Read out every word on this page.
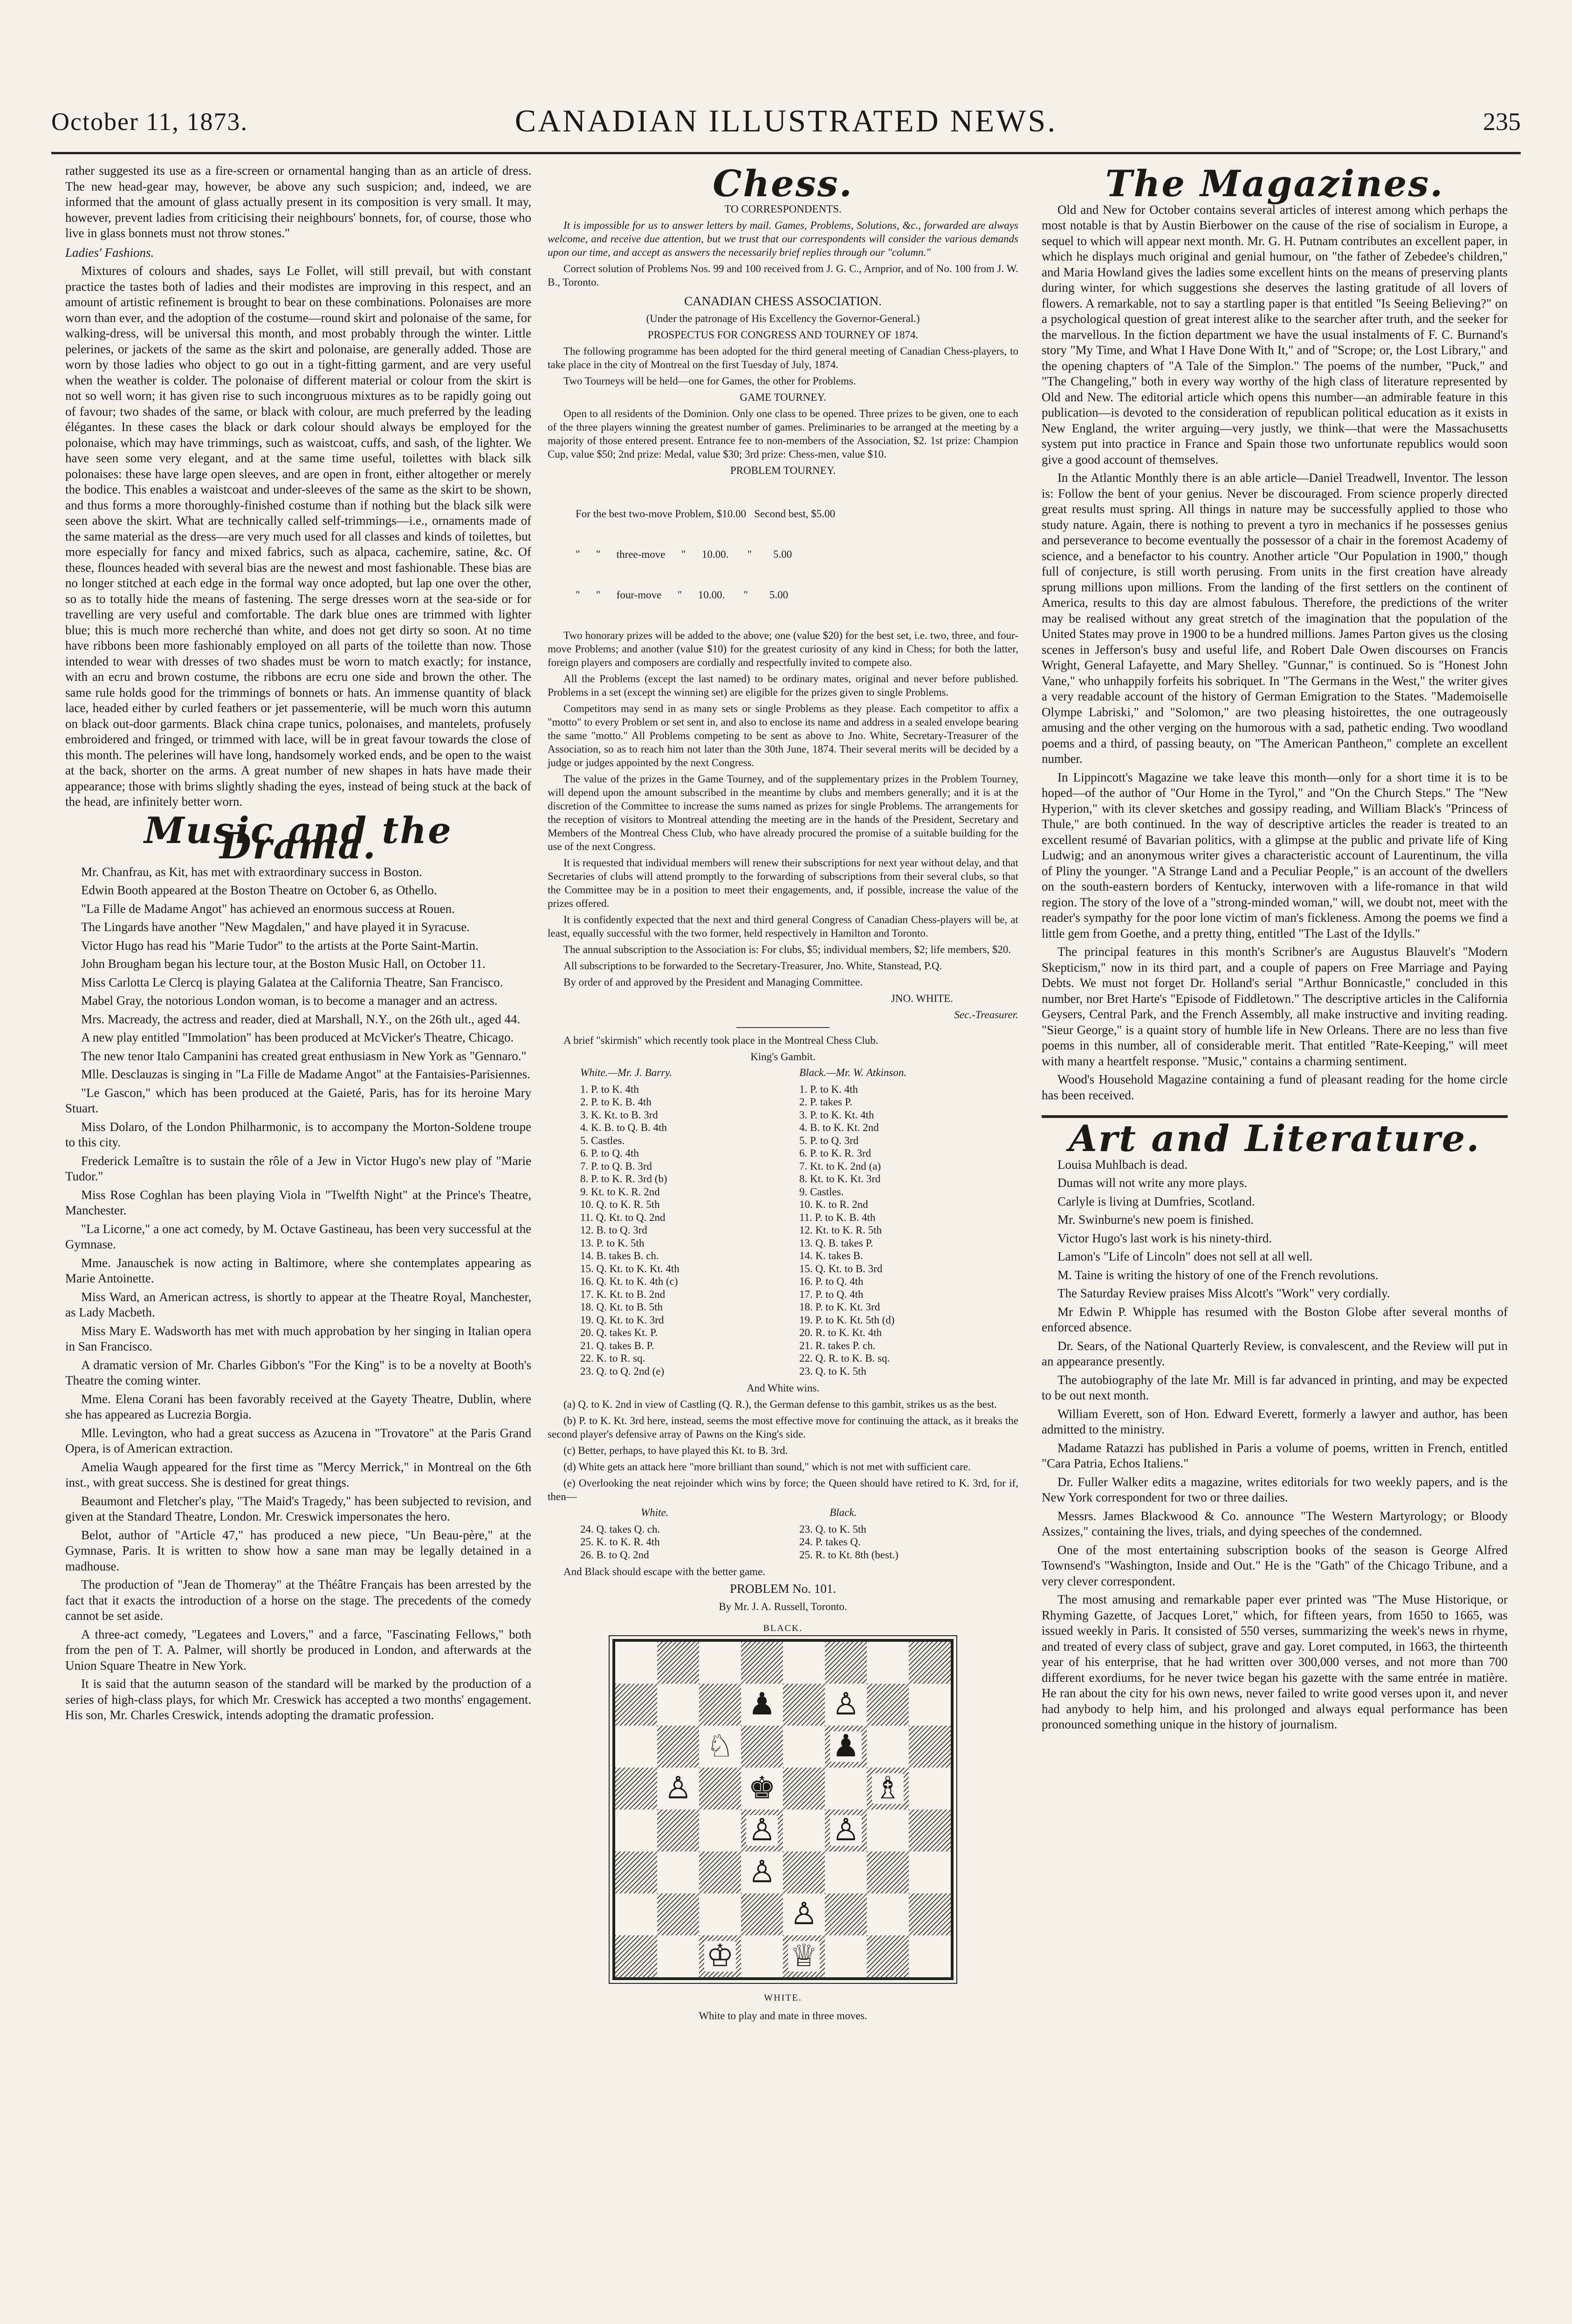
October 11, 1873.	CANADIAN ILLUSTRATED NEWS.	235

rather suggested its use as a fire-screen or ornamental hanging than as an article of dress. The new head-gear may, however, be above any such suspicion; and, indeed, we are informed that the amount of glass actually present in its composition is very small. It may, however, prevent ladies from criticising their neighbours' bonnets, for, of course, those who live in glass bonnets must not throw stones."

Ladies' Fashions.

Mixtures of colours and shades, says Le Follet, will still prevail, but with constant practice the tastes both of ladies and their modistes are improving in this respect, and an amount of artistic refinement is brought to bear on these combinations. Polonaises are more worn than ever, and the adoption of the costume—round skirt and polonaise of the same, for walking-dress, will be universal this month, and most probably through the winter. Little pelerines, or jackets of the same as the skirt and polonaise, are generally added. Those are worn by those ladies who object to go out in a tight-fitting garment, and are very useful when the weather is colder. The polonaise of different material or colour from the skirt is not so well worn; it has given rise to such incongruous mixtures as to be rapidly going out of favour; two shades of the same, or black with colour, are much preferred by the leading élégantes. In these cases the black or dark colour should always be employed for the polonaise, which may have trimmings, such as waistcoat, cuffs, and sash, of the lighter. We have seen some very elegant, and at the same time useful, toilettes with black silk polonaises: these have large open sleeves, and are open in front, either altogether or merely the bodice. This enables a waistcoat and under-sleeves of the same as the skirt to be shown, and thus forms a more thoroughly-finished costume than if nothing but the black silk were seen above the skirt. What are technically called self-trimmings—i.e., ornaments made of the same material as the dress—are very much used for all classes and kinds of toilettes, but more especially for fancy and mixed fabrics, such as alpaca, cachemire, satine, &c. Of these, flounces headed with several bias are the newest and most fashionable. These bias are no longer stitched at each edge in the formal way once adopted, but lap one over the other, so as to totally hide the means of fastening. The serge dresses worn at the sea-side or for travelling are very useful and comfortable. The dark blue ones are trimmed with lighter blue; this is much more recherché than white, and does not get dirty so soon. At no time have ribbons been more fashionably employed on all parts of the toilette than now. Those intended to wear with dresses of two shades must be worn to match exactly; for instance, with an ecru and brown costume, the ribbons are ecru one side and brown the other. The same rule holds good for the trimmings of bonnets or hats. An immense quantity of black lace, headed either by curled feathers or jet passementerie, will be much worn this autumn on black out-door garments. Black china crape tunics, polonaises, and mantelets, profusely embroidered and fringed, or trimmed with lace, will be in great favour towards the close of this month. The pelerines will have long, handsomely worked ends, and be open to the waist at the back, shorter on the arms. A great number of new shapes in hats have made their appearance; those with brims slightly shading the eyes, instead of being stuck at the back of the head, are infinitely better worn.

Music and the Drama.

Mr. Chanfrau, as Kit, has met with extraordinary success in Boston.

Edwin Booth appeared at the Boston Theatre on October 6, as Othello.

"La Fille de Madame Angot" has achieved an enormous success at Rouen.

The Lingards have another "New Magdalen," and have played it in Syracuse.

Victor Hugo has read his "Marie Tudor" to the artists at the Porte Saint-Martin.

John Brougham began his lecture tour, at the Boston Music Hall, on October 11.

Miss Carlotta Le Clercq is playing Galatea at the California Theatre, San Francisco.

Mabel Gray, the notorious London woman, is to become a manager and an actress.

Mrs. Macready, the actress and reader, died at Marshall, N.Y., on the 26th ult., aged 44.

A new play entitled "Immolation" has been produced at McVicker's Theatre, Chicago.

The new tenor Italo Campanini has created great enthusiasm in New York as "Gennaro."

Mlle. Desclauzas is singing in "La Fille de Madame Angot" at the Fantaisies-Parisiennes.

"Le Gascon," which has been produced at the Gaieté, Paris, has for its heroine Mary Stuart.

Miss Dolaro, of the London Philharmonic, is to accompany the Morton-Soldene troupe to this city.

Frederick Lemaître is to sustain the rôle of a Jew in Victor Hugo's new play of "Marie Tudor."

Miss Rose Coghlan has been playing Viola in "Twelfth Night" at the Prince's Theatre, Manchester.

"La Licorne," a one act comedy, by M. Octave Gastineau, has been very successful at the Gymnase.

Mme. Janauschek is now acting in Baltimore, where she contemplates appearing as Marie Antoinette.

Miss Ward, an American actress, is shortly to appear at the Theatre Royal, Manchester, as Lady Macbeth.

Miss Mary E. Wadsworth has met with much approbation by her singing in Italian opera in San Francisco.

A dramatic version of Mr. Charles Gibbon's "For the King" is to be a novelty at Booth's Theatre the coming winter.

Mme. Elena Corani has been favorably received at the Gayety Theatre, Dublin, where she has appeared as Lucrezia Borgia.

Mlle. Levington, who had a great success as Azucena in "Trovatore" at the Paris Grand Opera, is of American extraction.

Amelia Waugh appeared for the first time as "Mercy Merrick," in Montreal on the 6th inst., with great success. She is destined for great things.

Beaumont and Fletcher's play, "The Maid's Tragedy," has been subjected to revision, and given at the Standard Theatre, London. Mr. Creswick impersonates the hero.

Belot, author of "Article 47," has produced a new piece, "Un Beau-père," at the Gymnase, Paris. It is written to show how a sane man may be legally detained in a madhouse.

The production of "Jean de Thomeray" at the Théâtre Français has been arrested by the fact that it exacts the introduction of a horse on the stage. The precedents of the comedy cannot be set aside.

A three-act comedy, "Legatees and Lovers," and a farce, "Fascinating Fellows," both from the pen of T. A. Palmer, will shortly be produced in London, and afterwards at the Union Square Theatre in New York.

It is said that the autumn season of the standard will be marked by the production of a series of high-class plays, for which Mr. Creswick has accepted a two months' engagement. His son, Mr. Charles Creswick, intends adopting the dramatic profession.

Chess.

TO CORRESPONDENTS.

It is impossible for us to answer letters by mail. Games, Problems, Solutions, &c., forwarded are always welcome, and receive due attention, but we trust that our correspondents will consider the various demands upon our time, and accept as answers the necessarily brief replies through our "column."

Correct solution of Problems Nos. 99 and 100 received from J. G. C., Arnprior, and of No. 100 from J. W. B., Toronto.

CANADIAN CHESS ASSOCIATION.

(Under the patronage of His Excellency the Governor-General.)

PROSPECTUS FOR CONGRESS AND TOURNEY OF 1874.

The following programme has been adopted for the third general meeting of Canadian Chess-players, to take place in the city of Montreal on the first Tuesday of July, 1874.

Two Tourneys will be held—one for Games, the other for Problems.

GAME TOURNEY.

Open to all residents of the Dominion. Only one class to be opened. Three prizes to be given, one to each of the three players winning the greatest number of games. Preliminaries to be arranged at the meeting by a majority of those entered present. Entrance fee to non-members of the Association, $2. 1st prize: Champion Cup, value $50; 2nd prize: Medal, value $30; 3rd prize: Chess-men, value $10.

PROBLEM TOURNEY.

For the best two-move Problem, $10.00   Second best, $5.00

"      "      three-move      "      10.00.       "        5.00

"      "      four-move      "      10.00.       "        5.00

Two honorary prizes will be added to the above; one (value $20) for the best set, i.e. two, three, and four-move Problems; and another (value $10) for the greatest curiosity of any kind in Chess; for both the latter, foreign players and composers are cordially and respectfully invited to compete also.

All the Problems (except the last named) to be ordinary mates, original and never before published. Problems in a set (except the winning set) are eligible for the prizes given to single Problems.

Competitors may send in as many sets or single Problems as they please. Each competitor to affix a "motto" to every Problem or set sent in, and also to enclose its name and address in a sealed envelope bearing the same "motto." All Problems competing to be sent as above to Jno. White, Secretary-Treasurer of the Association, so as to reach him not later than the 30th June, 1874. Their several merits will be decided by a judge or judges appointed by the next Congress.

The value of the prizes in the Game Tourney, and of the supplementary prizes in the Problem Tourney, will depend upon the amount subscribed in the meantime by clubs and members generally; and it is at the discretion of the Committee to increase the sums named as prizes for single Problems. The arrangements for the reception of visitors to Montreal attending the meeting are in the hands of the President, Secretary and Members of the Montreal Chess Club, who have already procured the promise of a suitable building for the use of the next Congress.

It is requested that individual members will renew their subscriptions for next year without delay, and that Secretaries of clubs will attend promptly to the forwarding of subscriptions from their several clubs, so that the Committee may be in a position to meet their engagements, and, if possible, increase the value of the prizes offered.

It is confidently expected that the next and third general Congress of Canadian Chess-players will be, at least, equally successful with the two former, held respectively in Hamilton and Toronto.

The annual subscription to the Association is: For clubs, $5; individual members, $2; life members, $20.

All subscriptions to be forwarded to the Secretary-Treasurer, Jno. White, Stanstead, P.Q.

By order of and approved by the President and Managing Committee.

JNO. WHITE.

Sec.-Treasurer.

A brief "skirmish" which recently took place in the Montreal Chess Club.

King's Gambit.

White.—Mr. J. Barry.	Black.—Mr. W. Atkinson.
1. P. to K. 4th	1. P. to K. 4th
2. P. to K. B. 4th	2. P. takes P.
3. K. Kt. to B. 3rd	3. P. to K. Kt. 4th
4. K. B. to Q. B. 4th	4. B. to K. Kt. 2nd
5. Castles.	5. P. to Q. 3rd
6. P. to Q. 4th	6. P. to K. R. 3rd
7. P. to Q. B. 3rd	7. Kt. to K. 2nd (a)
8. P. to K. R. 3rd (b)	8. Kt. to K. Kt. 3rd
9. Kt. to K. R. 2nd	9. Castles.
10. Q. to K. R. 5th	10. K. to R. 2nd
11. Q. Kt. to Q. 2nd	11. P. to K. B. 4th
12. B. to Q. 3rd	12. Kt. to K. R. 5th
13. P. to K. 5th	13. Q. B. takes P.
14. B. takes B. ch.	14. K. takes B.
15. Q. Kt. to K. Kt. 4th	15. Q. Kt. to B. 3rd
16. Q. Kt. to K. 4th (c)	16. P. to Q. 4th
17. K. Kt. to B. 2nd	17. P. to Q. 4th
18. Q. Kt. to B. 5th	18. P. to K. Kt. 3rd
19. Q. Kt. to K. 3rd	19. P. to K. Kt. 5th (d)
20. Q. takes Kt. P.	20. R. to K. Kt. 4th
21. Q. takes B. P.	21. R. takes P. ch.
22. K. to R. sq.	22. Q. R. to K. B. sq.
23. Q. to Q. 2nd (e)	23. Q. to K. 5th

And White wins.

(a) Q. to K. 2nd in view of Castling (Q. R.), the German defense to this gambit, strikes us as the best.

(b) P. to K. Kt. 3rd here, instead, seems the most effective move for continuing the attack, as it breaks the second player's defensive array of Pawns on the King's side.

(c) Better, perhaps, to have played this Kt. to B. 3rd.

(d) White gets an attack here "more brilliant than sound," which is not met with sufficient care.

(e) Overlooking the neat rejoinder which wins by force; the Queen should have retired to K. 3rd, for if, then—

White.	Black.
24. Q. takes Q. ch.	23. Q. to K. 5th
25. K. to K. R. 4th	24. P. takes Q.
26. B. to Q. 2nd	25. R. to Kt. 8th (best.)

And Black should escape with the better game.

PROBLEM No. 101.

By Mr. J. A. Russell, Toronto.

BLACK.
♟ ♙
♘	♟
♙ ♚	♗
♙ ♙
♙
♙
♔ ♕
WHITE.

White to play and mate in three moves.

The Magazines.

Old and New for October contains several articles of interest among which perhaps the most notable is that by Austin Bierbower on the cause of the rise of socialism in Europe, a sequel to which will appear next month. Mr. G. H. Putnam contributes an excellent paper, in which he displays much original and genial humour, on "the father of Zebedee's children," and Maria Howland gives the ladies some excellent hints on the means of preserving plants during winter, for which suggestions she deserves the lasting gratitude of all lovers of flowers. A remarkable, not to say a startling paper is that entitled "Is Seeing Believing?" on a psychological question of great interest alike to the searcher after truth, and the seeker for the marvellous. In the fiction department we have the usual instalments of F. C. Burnand's story "My Time, and What I Have Done With It," and of "Scrope; or, the Lost Library," and the opening chapters of "A Tale of the Simplon." The poems of the number, "Puck," and "The Changeling," both in every way worthy of the high class of literature represented by Old and New. The editorial article which opens this number—an admirable feature in this publication—is devoted to the consideration of republican political education as it exists in New England, the writer arguing—very justly, we think—that were the Massachusetts system put into practice in France and Spain those two unfortunate republics would soon give a good account of themselves.

In the Atlantic Monthly there is an able article—Daniel Treadwell, Inventor. The lesson is: Follow the bent of your genius. Never be discouraged. From science properly directed great results must spring. All things in nature may be successfully applied to those who study nature. Again, there is nothing to prevent a tyro in mechanics if he possesses genius and perseverance to become eventually the possessor of a chair in the foremost Academy of science, and a benefactor to his country. Another article "Our Population in 1900," though full of conjecture, is still worth perusing. From units in the first creation have already sprung millions upon millions. From the landing of the first settlers on the continent of America, results to this day are almost fabulous. Therefore, the predictions of the writer may be realised without any great stretch of the imagination that the population of the United States may prove in 1900 to be a hundred millions. James Parton gives us the closing scenes in Jefferson's busy and useful life, and Robert Dale Owen discourses on Francis Wright, General Lafayette, and Mary Shelley. "Gunnar," is continued. So is "Honest John Vane," who unhappily forfeits his sobriquet. In "The Germans in the West," the writer gives a very readable account of the history of German Emigration to the States. "Mademoiselle Olympe Labriski," and "Solomon," are two pleasing histoirettes, the one outrageously amusing and the other verging on the humorous with a sad, pathetic ending. Two woodland poems and a third, of passing beauty, on "The American Pantheon," complete an excellent number.

In Lippincott's Magazine we take leave this month—only for a short time it is to be hoped—of the author of "Our Home in the Tyrol," and "On the Church Steps." The "New Hyperion," with its clever sketches and gossipy reading, and William Black's "Princess of Thule," are both continued. In the way of descriptive articles the reader is treated to an excellent resumé of Bavarian politics, with a glimpse at the public and private life of King Ludwig; and an anonymous writer gives a characteristic account of Laurentinum, the villa of Pliny the younger. "A Strange Land and a Peculiar People," is an account of the dwellers on the south-eastern borders of Kentucky, interwoven with a life-romance in that wild region. The story of the love of a "strong-minded woman," will, we doubt not, meet with the reader's sympathy for the poor lone victim of man's fickleness. Among the poems we find a little gem from Goethe, and a pretty thing, entitled "The Last of the Idylls."

The principal features in this month's Scribner's are Augustus Blauvelt's "Modern Skepticism," now in its third part, and a couple of papers on Free Marriage and Paying Debts. We must not forget Dr. Holland's serial "Arthur Bonnicastle," concluded in this number, nor Bret Harte's "Episode of Fiddletown." The descriptive articles in the California Geysers, Central Park, and the French Assembly, all make instructive and inviting reading. "Sieur George," is a quaint story of humble life in New Orleans. There are no less than five poems in this number, all of considerable merit. That entitled "Rate-Keeping," will meet with many a heartfelt response. "Music," contains a charming sentiment.

Wood's Household Magazine containing a fund of pleasant reading for the home circle has been received.

Art and Literature.

Louisa Muhlbach is dead.

Dumas will not write any more plays.

Carlyle is living at Dumfries, Scotland.

Mr. Swinburne's new poem is finished.

Victor Hugo's last work is his ninety-third.

Lamon's "Life of Lincoln" does not sell at all well.

M. Taine is writing the history of one of the French revolutions.

The Saturday Review praises Miss Alcott's "Work" very cordially.

Mr Edwin P. Whipple has resumed with the Boston Globe after several months of enforced absence.

Dr. Sears, of the National Quarterly Review, is convalescent, and the Review will put in an appearance presently.

The autobiography of the late Mr. Mill is far advanced in printing, and may be expected to be out next month.

William Everett, son of Hon. Edward Everett, formerly a lawyer and author, has been admitted to the ministry.

Madame Ratazzi has published in Paris a volume of poems, written in French, entitled "Cara Patria, Echos Italiens."

Dr. Fuller Walker edits a magazine, writes editorials for two weekly papers, and is the New York correspondent for two or three dailies.

Messrs. James Blackwood & Co. announce "The Western Martyrology; or Bloody Assizes," containing the lives, trials, and dying speeches of the condemned.

One of the most entertaining subscription books of the season is George Alfred Townsend's "Washington, Inside and Out." He is the "Gath" of the Chicago Tribune, and a very clever correspondent.

The most amusing and remarkable paper ever printed was "The Muse Historique, or Rhyming Gazette, of Jacques Loret," which, for fifteen years, from 1650 to 1665, was issued weekly in Paris. It consisted of 550 verses, summarizing the week's news in rhyme, and treated of every class of subject, grave and gay. Loret computed, in 1663, the thirteenth year of his enterprise, that he had written over 300,000 verses, and not more than 700 different exordiums, for he never twice began his gazette with the same entrée in matière. He ran about the city for his own news, never failed to write good verses upon it, and never had anybody to help him, and his prolonged and always equal performance has been pronounced something unique in the history of journalism.
